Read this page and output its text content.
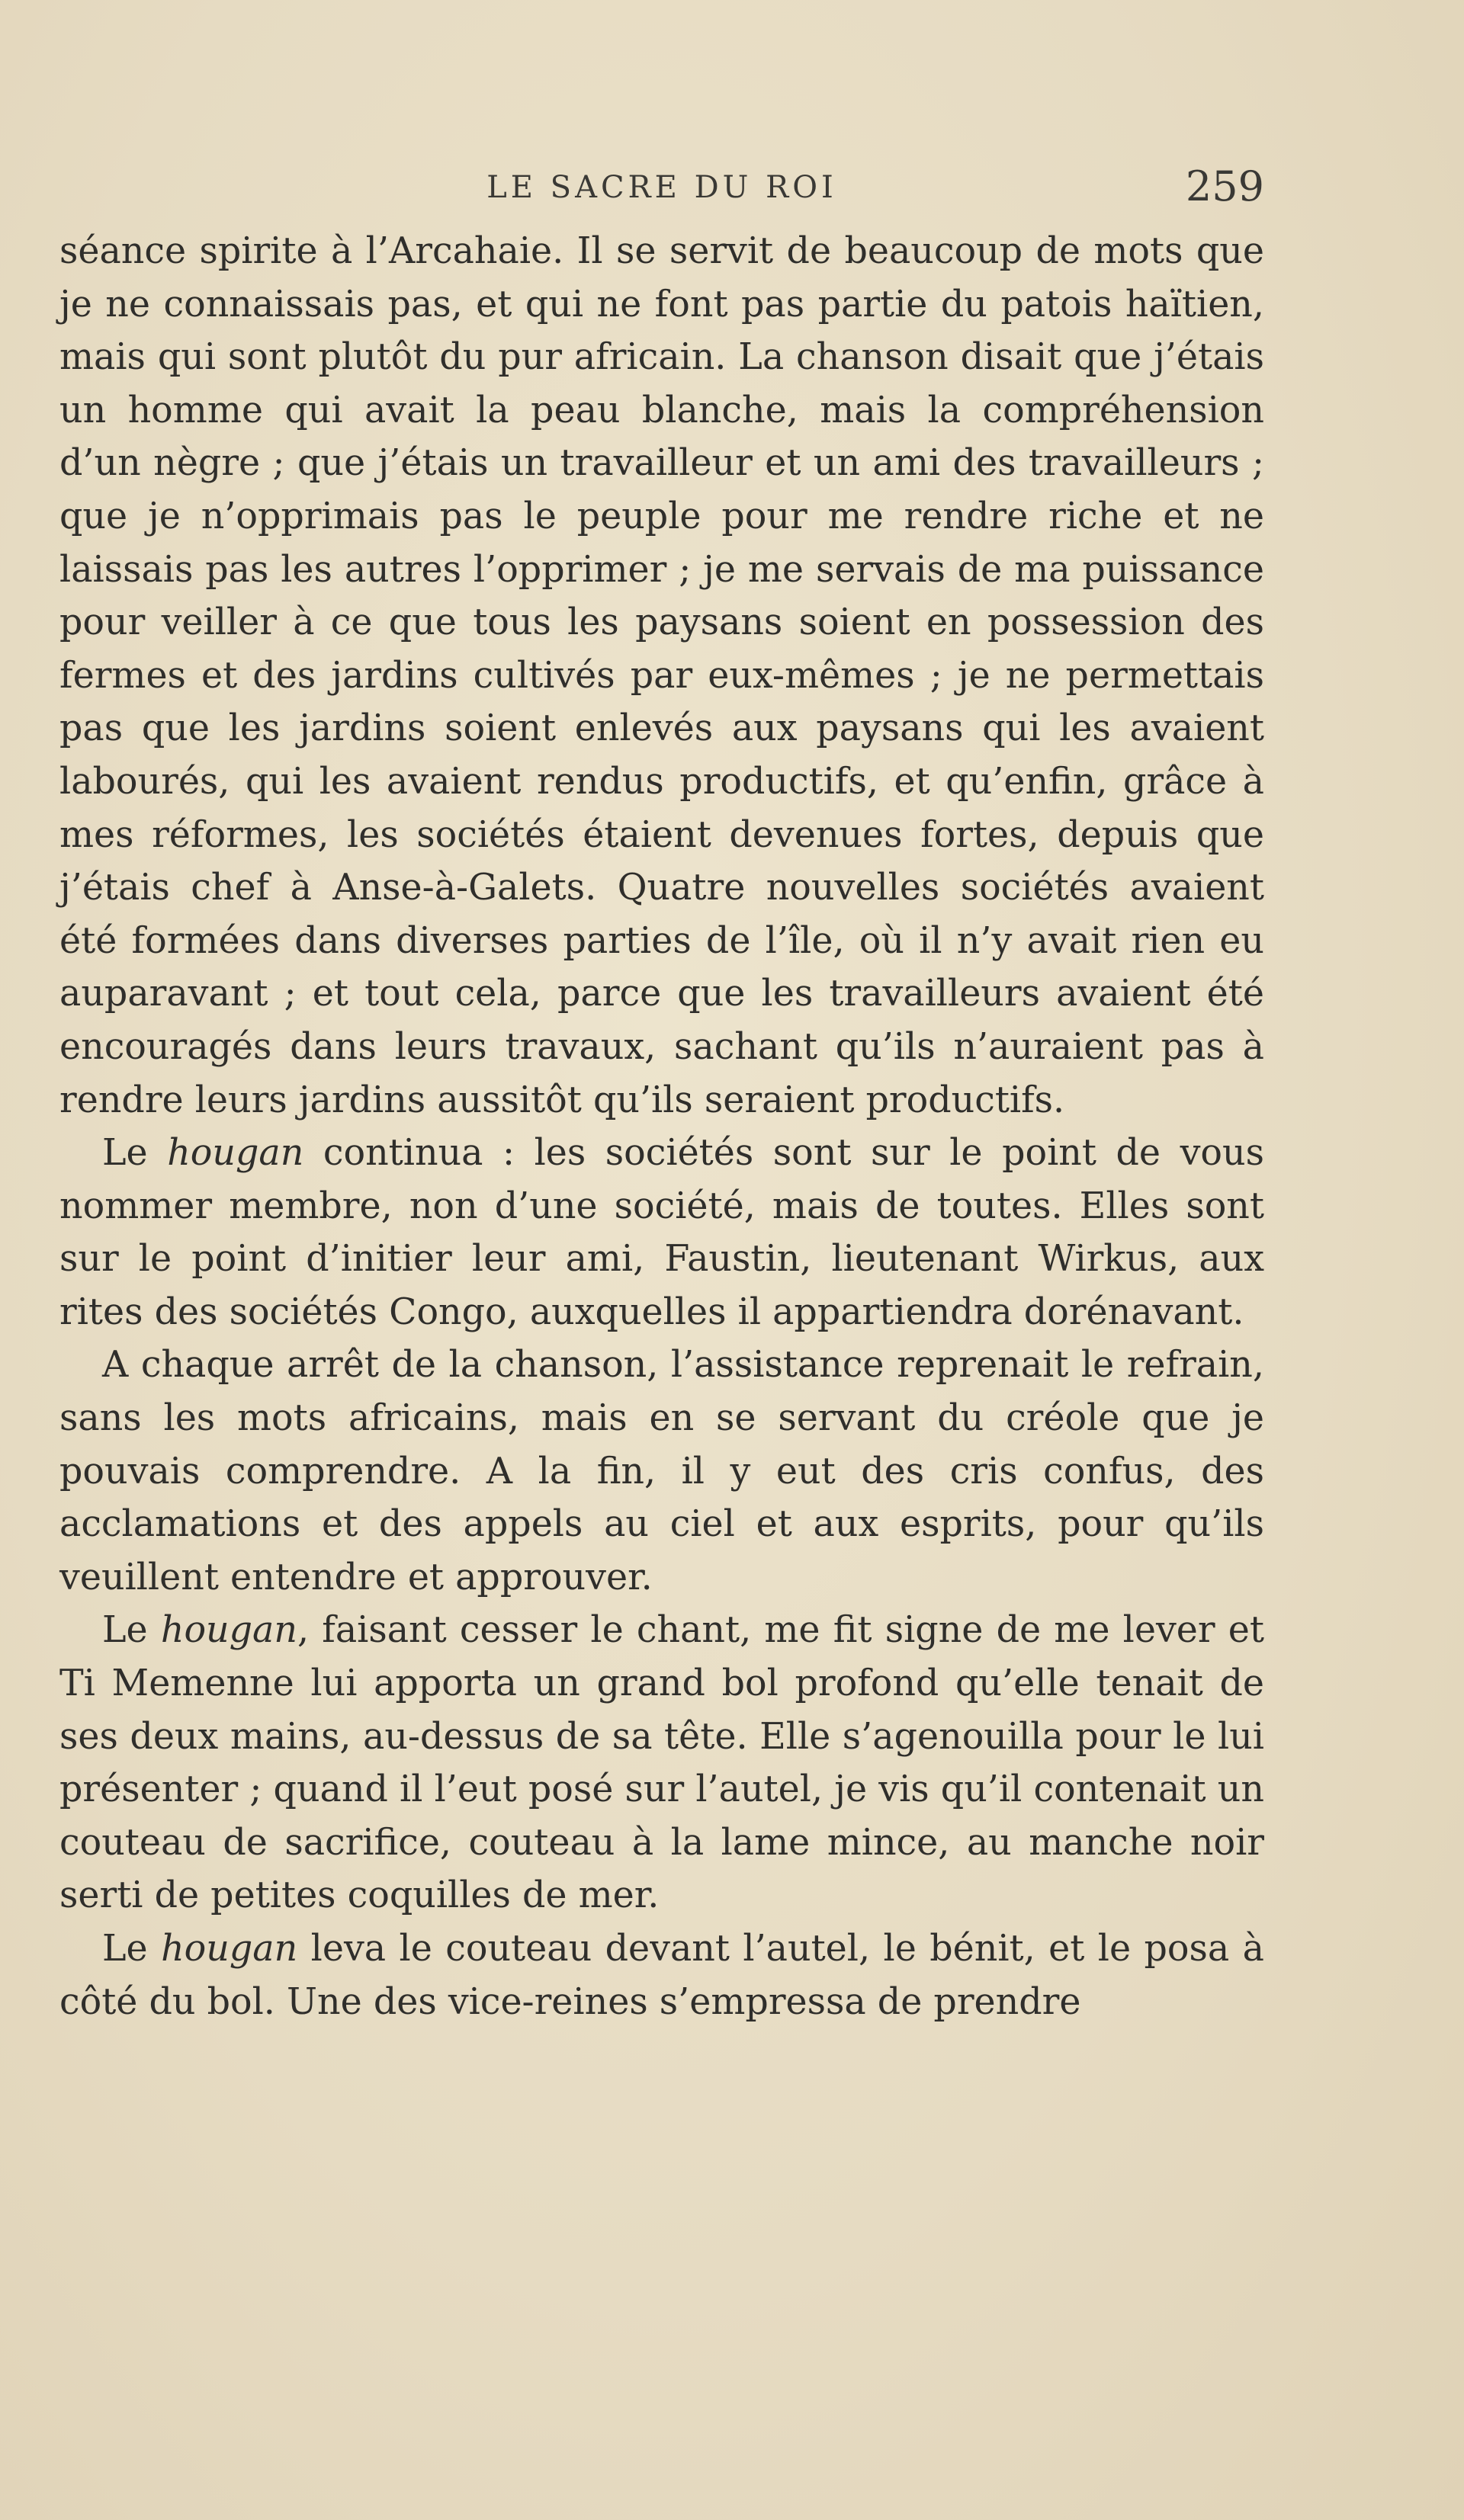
LE SACRE DU ROI	259

séance spirite à l’Arcahaie. Il se servit de beaucoup de mots que je ne connaissais pas, et qui ne font pas partie du patois haïtien, mais qui sont plutôt du pur africain. La chanson disait que j’étais un homme qui avait la peau blanche, mais la compréhension d’un nègre ; que j’étais un travailleur et un ami des travailleurs ; que je n’opprimais pas le peuple pour me rendre riche et ne laissais pas les autres l’opprimer ; je me servais de ma puissance pour veiller à ce que tous les paysans soient en possession des fermes et des jardins cultivés par eux-mêmes ; je ne permettais pas que les jardins soient enlevés aux paysans qui les avaient labourés, qui les avaient rendus productifs, et qu’enfin, grâce à mes réformes, les sociétés étaient devenues fortes, depuis que j’étais chef à Anse-à-Galets. Quatre nouvelles sociétés avaient été formées dans diverses parties de l’île, où il n’y avait rien eu auparavant ; et tout cela, parce que les travailleurs avaient été encouragés dans leurs travaux, sachant qu’ils n’auraient pas à rendre leurs jardins aussitôt qu’ils seraient productifs.

Le hougan continua : les sociétés sont sur le point de vous nommer membre, non d’une société, mais de toutes. Elles sont sur le point d’initier leur ami, Faustin, lieutenant Wirkus, aux rites des sociétés Congo, auxquelles il appartiendra dorénavant.

A chaque arrêt de la chanson, l’assistance reprenait le refrain, sans les mots africains, mais en se servant du créole que je pouvais comprendre. A la fin, il y eut des cris confus, des acclamations et des appels au ciel et aux esprits, pour qu’ils veuillent entendre et approuver.

Le hougan, faisant cesser le chant, me fit signe de me lever et Ti Memenne lui apporta un grand bol profond qu’elle tenait de ses deux mains, au-dessus de sa tête. Elle s’agenouilla pour le lui présenter ; quand il l’eut posé sur l’autel, je vis qu’il contenait un couteau de sacrifice, couteau à la lame mince, au manche noir serti de petites coquilles de mer.

Le hougan leva le couteau devant l’autel, le bénit, et le posa à côté du bol. Une des vice-reines s’empressa de prendre
